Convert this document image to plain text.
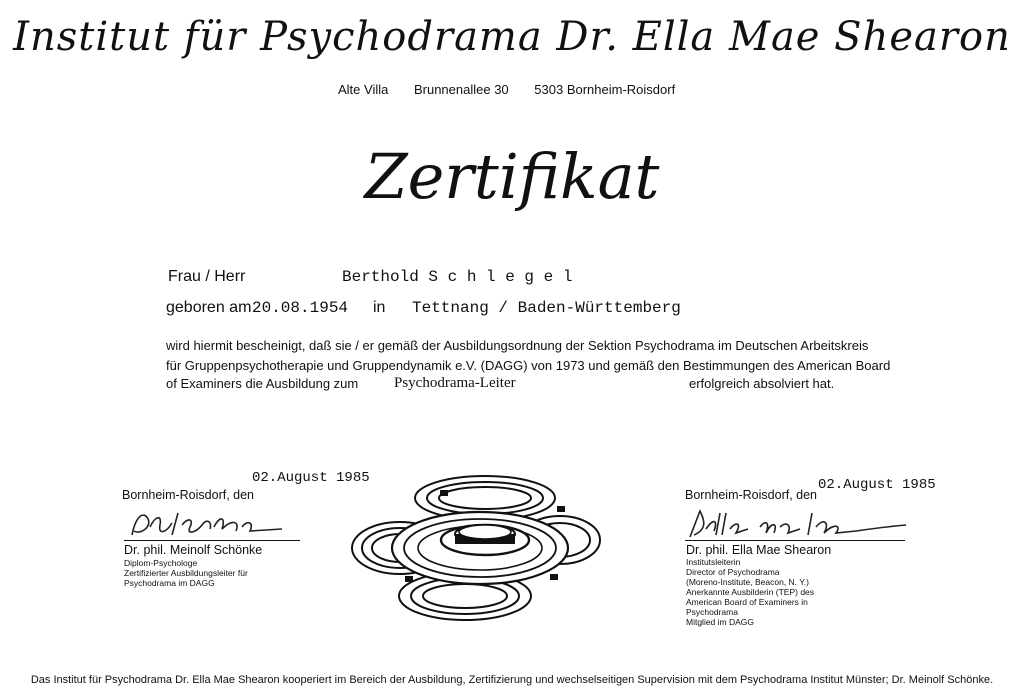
Institut für Psychodrama Dr. Ella Mae Shearon
Alte Villa Brunnenallee 30 5303 Bornheim-Roisdorf
Zertifikat
Frau / Herr	Berthold S c h l e g e l
geboren am 20.08.1954 in Tettnang / Baden-Württemberg
wird hiermit bescheinigt, daß sie / er gemäß der Ausbildungsordnung der Sektion Psychodrama im Deutschen Arbeitskreis
für Gruppenpsychotherapie und Gruppendynamik e.V. (DAGG) von 1973 und gemäß den Bestimmungen des American Board
of Examiners die Ausbildung zum Psychodrama-Leiter	erfolgreich absolviert hat.
02.August 1985
Bornheim-Roisdorf, den
Dr. phil. Meinolf Schönke
Diplom-Psychologe
Zertifizierter Ausbildungsleiter für
Psychodrama im DAGG
02.August 1985
Bornheim-Roisdorf, den
Dr. phil. Ella Mae Shearon
Institutsleiterin
Director of Psychodrama
(Moreno-Institute, Beacon, N. Y.)
Anerkannte Ausbilderin (TEP) des
American Board of Examiners in
Psychodrama
Mitglied im DAGG
Das Institut für Psychodrama Dr. Ella Mae Shearon kooperiert im Bereich der Ausbildung, Zertifizierung und wechselseitigen Supervision mit dem Psychodrama Institut Münster; Dr. Meinolf Schönke.
